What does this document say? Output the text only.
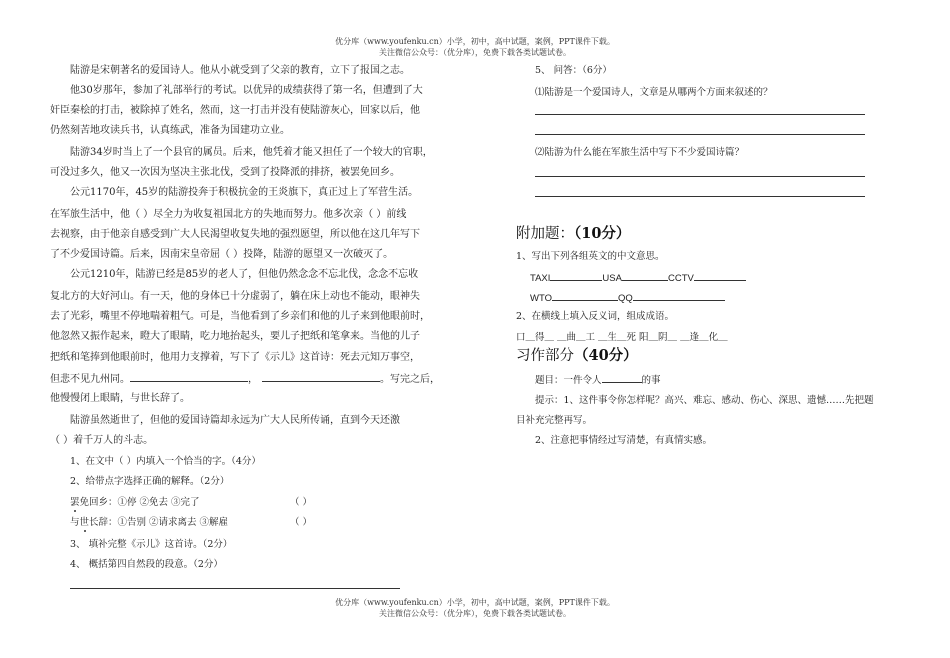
优分库（www.youfenku.cn）小学，初中，高中试题，案例，PPT课件下载。
关注微信公众号：（优分库），免费下载各类试题试卷。
陆游是宋朝著名的爱国诗人。他从小就受到了父亲的教育，立下了报国之志。
他30岁那年，参加了礼部举行的考试。以优异的成绩获得了第一名，但遭到了大
奸臣秦桧的打击，被除掉了姓名，然而，这一打击并没有使陆游灰心，回家以后，他
仍然刻苦地攻读兵书，认真练武，准备为国建功立业。
陆游34岁时当上了一个县官的属员。后来，他凭着才能又担任了一个较大的官职，
可没过多久，他又一次因为坚决主张北伐，受到了投降派的排挤，被罢免回乡。
公元1170年，45岁的陆游投奔于积极抗金的王炎旗下，真正过上了军营生活。
在军旅生活中，他（ ）尽全力为收复祖国北方的失地而努力。他多次亲（ ）前线
去视察，由于他亲自感受到广大人民渴望收复失地的强烈愿望，所以他在这几年写下
了不少爱国诗篇。后来，因南宋皇帝屈（ ）投降，陆游的愿望又一次破灭了。
公元1210年，陆游已经是85岁的老人了，但他仍然念念不忘北伐，念念不忘收
复北方的大好河山。有一天，他的身体已十分虚弱了，躺在床上动也不能动，眼神失
去了光彩，嘴里不停地喘着粗气。可是，当他看到了乡亲们和他的儿子来到他眼前时，
他忽然又振作起来，瞪大了眼睛，吃力地抬起头，要儿子把纸和笔拿来。当他的儿子
把纸和笔捧到他眼前时，他用力支撑着，写下了《示儿》这首诗：死去元知万事空，
但悲不见九州同。	，	。写完之后，
他慢慢闭上眼睛，与世长辞了。
陆游虽然逝世了，但他的爱国诗篇却永远为广大人民所传诵，直到今天还激
（ ）着千万人的斗志。
1、在文中（ ）内填入一个恰当的字。（4分）
2、给带点字选择正确的解释。（2分）
罢免回乡：①停 ②免去 ③完了	（ ）
与世长辞：①告别 ②请求离去 ③解雇	（ ）
3、 填补完整《示儿》这首诗。（2分）
4、 概括第四自然段的段意。（2分）
5、 问答：（6分）
⑴陆游是一个爱国诗人，文章是从哪两个方面来叙述的？
⑵陆游为什么能在军旅生活中写下不少爱国诗篇？
附加题：（10分）
1、写出下列各组英文的中文意思。
TAXI	USA	CCTV
WTO	QQ
2、在横线上填入反义词，组成成语。
口＿得＿ ＿曲＿工 ＿生＿死 阳＿阴＿ ＿逢＿化＿
习作部分（40分）
题目：一件令人	的事
提示：1、这件事令你怎样呢？高兴、难忘、感动、伤心、深思、遗憾……先把题
目补充完整再写。
2、注意把事情经过写清楚，有真情实感。
优分库（www.youfenku.cn）小学，初中，高中试题，案例，PPT课件下载。
关注微信公众号：（优分库），免费下载各类试题试卷。
